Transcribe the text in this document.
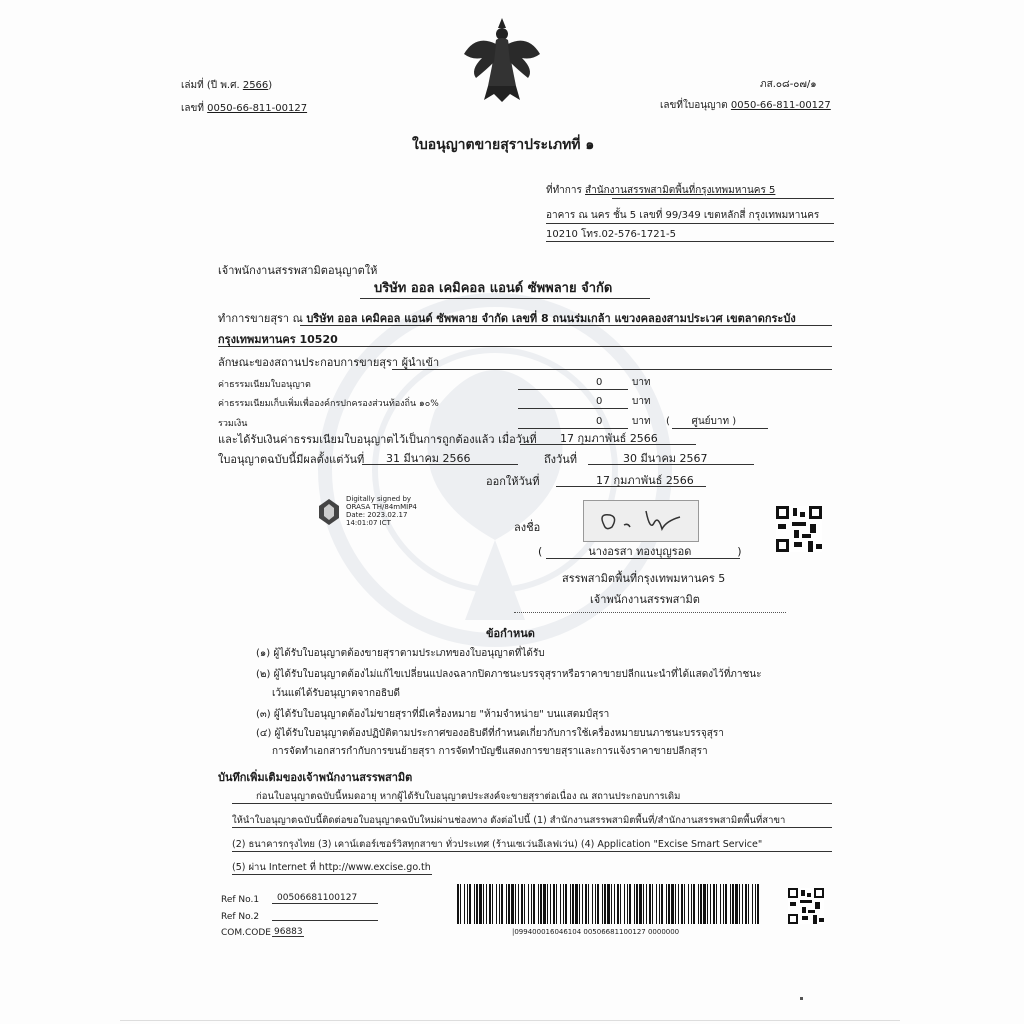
เล่มที่ (ปี พ.ศ. 2566)
เลขที่ 0050-66-811-00127
ภส.๐๘-๐๗/๑
เลขที่ใบอนุญาต 0050-66-811-00127
ใบอนุญาตขายสุราประเภทที่ ๑
ที่ทำการ สำนักงานสรรพสามิตพื้นที่กรุงเทพมหานคร 5
อาคาร ณ นคร ชั้น 5 เลขที่ 99/349 เขตหลักสี่ กรุงเทพมหานคร
10210 โทร.02-576-1721-5
เจ้าพนักงานสรรพสามิตอนุญาตให้
บริษัท ออล เคมิคอล แอนด์ ซัพพลาย จำกัด
ทำการขายสุรา ณ บริษัท ออล เคมิคอล แอนด์ ซัพพลาย จำกัด เลขที่ 8 ถนนร่มเกล้า แขวงคลองสามประเวศ เขตลาดกระบัง
กรุงเทพมหานคร 10520
ลักษณะของสถานประกอบการขายสุรา ผู้นำเข้า
ค่าธรรมเนียมใบอนุญาต	0	บาท
ค่าธรรมเนียมเก็บเพิ่มเพื่อองค์กรปกครองส่วนท้องถิ่น ๑๐%	0	บาท
รวมเงิน	0	บาท ( ศูนย์บาท )
และได้รับเงินค่าธรรมเนียมใบอนุญาตไว้เป็นการถูกต้องแล้ว เมื่อวันที่ 17 กุมภาพันธ์ 2566
ใบอนุญาตฉบับนี้มีผลตั้งแต่วันที่ 31 มีนาคม 2566	ถึงวันที่	30 มีนาคม 2567
ออกให้วันที่	17 กุมภาพันธ์ 2566
Digitally signed by
ORASA TH/84mMIP4
Date: 2023.02.17
14:01:07 ICT	ลงชื่อ
(	นางอรสา ทองบุญรอด	)
สรรพสามิตพื้นที่กรุงเทพมหานคร 5
เจ้าพนักงานสรรพสามิต
ข้อกำหนด
(๑) ผู้ได้รับใบอนุญาตต้องขายสุราตามประเภทของใบอนุญาตที่ได้รับ
(๒) ผู้ได้รับใบอนุญาตต้องไม่แก้ไขเปลี่ยนแปลงฉลากปิดภาชนะบรรจุสุราหรือราคาขายปลีกแนะนำที่ได้แสดงไว้ที่ภาชนะ
เว้นแต่ได้รับอนุญาตจากอธิบดี
(๓) ผู้ได้รับใบอนุญาตต้องไม่ขายสุราที่มีเครื่องหมาย "ห้ามจำหน่าย" บนแสตมป์สุรา
(๔) ผู้ได้รับใบอนุญาตต้องปฏิบัติตามประกาศของอธิบดีที่กำหนดเกี่ยวกับการใช้เครื่องหมายบนภาชนะบรรจุสุรา
การจัดทำเอกสารกำกับการขนย้ายสุรา การจัดทำบัญชีแสดงการขายสุราและการแจ้งราคาขายปลีกสุรา
บันทึกเพิ่มเติมของเจ้าพนักงานสรรพสามิต
ก่อนใบอนุญาตฉบับนี้หมดอายุ หากผู้ได้รับใบอนุญาตประสงค์จะขายสุราต่อเนื่อง ณ สถานประกอบการเดิม
ให้นำใบอนุญาตฉบับนี้ติดต่อขอใบอนุญาตฉบับใหม่ผ่านช่องทาง ดังต่อไปนี้ (1) สำนักงานสรรพสามิตพื้นที่/สำนักงานสรรพสามิตพื้นที่สาขา
(2) ธนาคารกรุงไทย (3) เคาน์เตอร์เซอร์วิสทุกสาขา ทั่วประเทศ (ร้านเซเว่นอีเลฟเว่น) (4) Application "Excise Smart Service"
(5) ผ่าน Internet ที่ http://www.excise.go.th
Ref No.1 00506681100127
Ref No.2
COM.CODE 96883	|099400016046104 00506681100127 0000000
